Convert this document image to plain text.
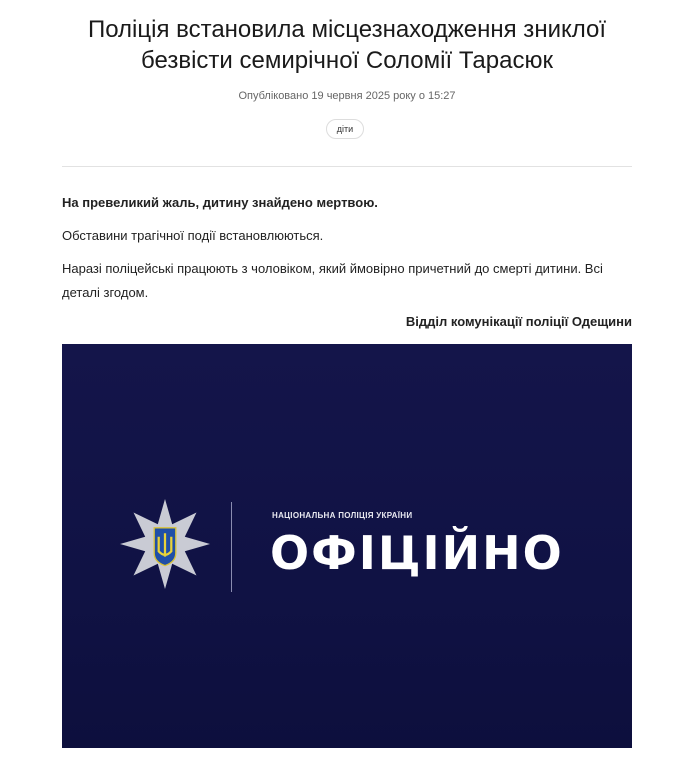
Поліція встановила місцезнаходження зниклої безвісти семирічної Соломії Тарасюк
Опубліковано 19 червня 2025 року о 15:27
діти

На превеликий жаль, дитину знайдено мертвою.

Обставини трагічної події встановлюються.

Наразі поліцейські працюють з чоловіком, який ймовірно причетний до смерті дитини. Всі деталі згодом.

Відділ комунікації поліції Одещини

НАЦІОНАЛЬНА ПОЛІЦІЯ УКРАЇНИ
ОФІЦІЙНО
